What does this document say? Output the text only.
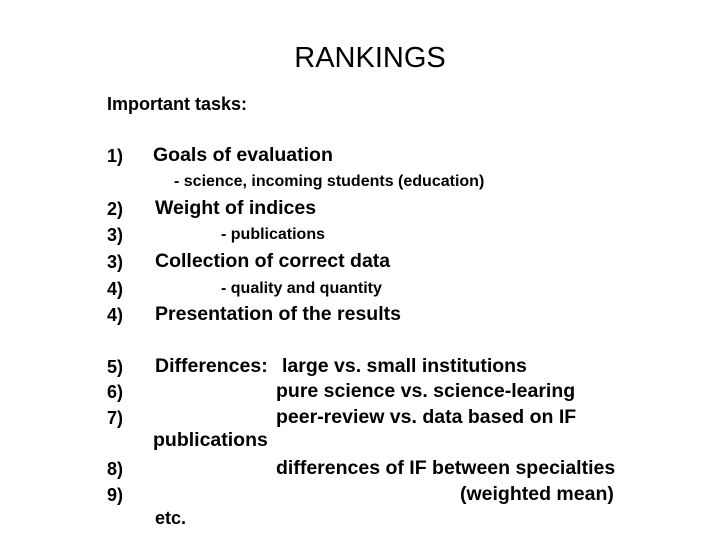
RANKINGS
Important tasks:
1)
2)
3)
3)
4)
4)
5)
6)
7)
8)
9)
Goals of evaluation
- science, incoming students (education)
Weight of indices
- publications
Collection of correct data
- quality and quantity
Presentation of the results
Differences: large vs. small institutions
pure science vs. science-learing
peer-review vs. data based on IF
publications
differences of IF between specialties
(weighted mean)
etc.
